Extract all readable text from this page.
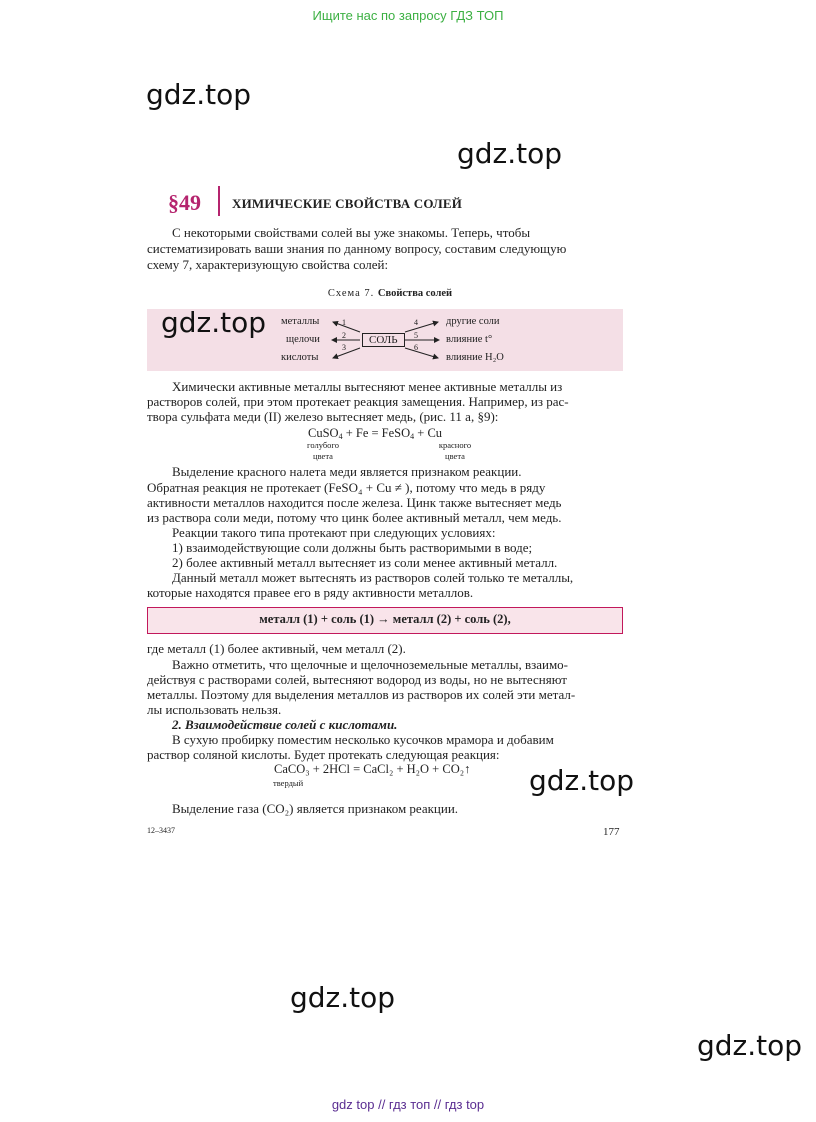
Ищите нас по запросу ГДЗ ТОП
gdz.top
gdz.top
§49 ХИМИЧЕСКИЕ СВОЙСТВА СОЛЕЙ
С некоторыми свойствами солей вы уже знакомы. Теперь, чтобы
систематизировать ваши знания по данному вопросу, составим следующую
схему 7, характеризующую свойства солей:
Схема 7. Свойства солей
gdz.top металлы
щелочи
кислоты
СОЛЬ
другие соли
влияние t°
влияние H₂O
1
2
3
4
5
6
Химически активные металлы вытесняют менее активные металлы из
растворов солей, при этом протекает реакция замещения. Например, из рас-
твора сульфата меди (II) железо вытесняет медь, (рис. 11 а, §9):
CuSO$_4$ + Fe = FeSO$_4$ + Cu
голубого
цвета
красного
цвета
Выделение красного налета меди является признаком реакции.
Обратная реакция не протекает (FeSO₄ + Cu ≠ ), потому что медь в ряду
активности металлов находится после железа. Цинк также вытесняет медь
из раствора соли меди, потому что цинк более активный металл, чем медь.
Реакции такого типа протекают при следующих условиях:
1) взаимодействующие соли должны быть растворимыми в воде;
2) более активный металл вытесняет из соли менее активный металл.
Данный металл может вытеснять из растворов солей только те металлы,
которые находятся правее его в ряду активности металлов.
металл (1) + соль (1) → металл (2) + соль (2),
где металл (1) более активный, чем металл (2).
Важно отметить, что щелочные и щелочноземельные металлы, взаимо-
действуя с растворами солей, вытесняют водород из воды, но не вытесняют
металлы. Поэтому для выделения металлов из растворов их солей эти метал-
лы использовать нельзя.
2. Взаимодействие солей с кислотами.
В сухую пробирку поместим несколько кусочков мрамора и добавим
раствор соляной кислоты. Будет протекать следующая реакция:
CaCO₃ + 2HCl = CaCl₂ + H₂O + CO₂↑
твердый	gdz.top
Выделение газа (CO₂) является признаком реакции.
12–3437	177
gdz.top
gdz.top
gdz top // гдз топ // гдз top
